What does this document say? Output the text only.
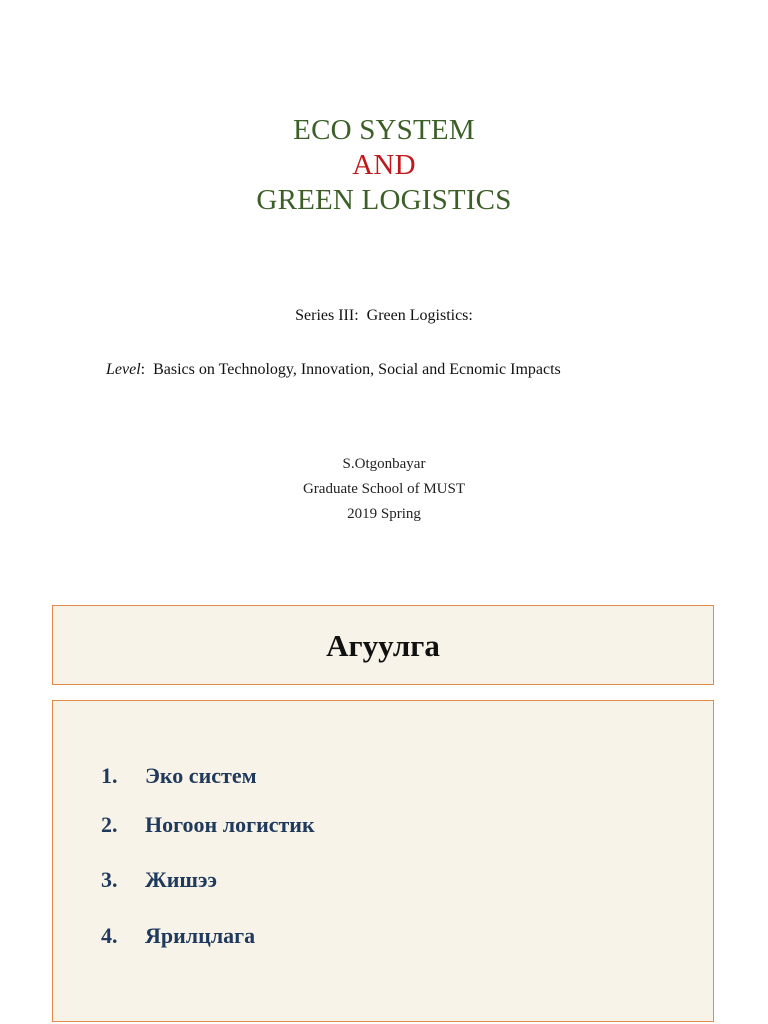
ECO SYSTEM
AND
GREEN LOGISTICS
Series III:  Green Logistics:
Level:  Basics on Technology, Innovation, Social and Ecnomic Impacts
S.Otgonbayar
Graduate School of MUST
2019 Spring
Агуулга
1. Эко систем
2. Ногоон логистик
3. Жишээ
4. Ярилцлага
